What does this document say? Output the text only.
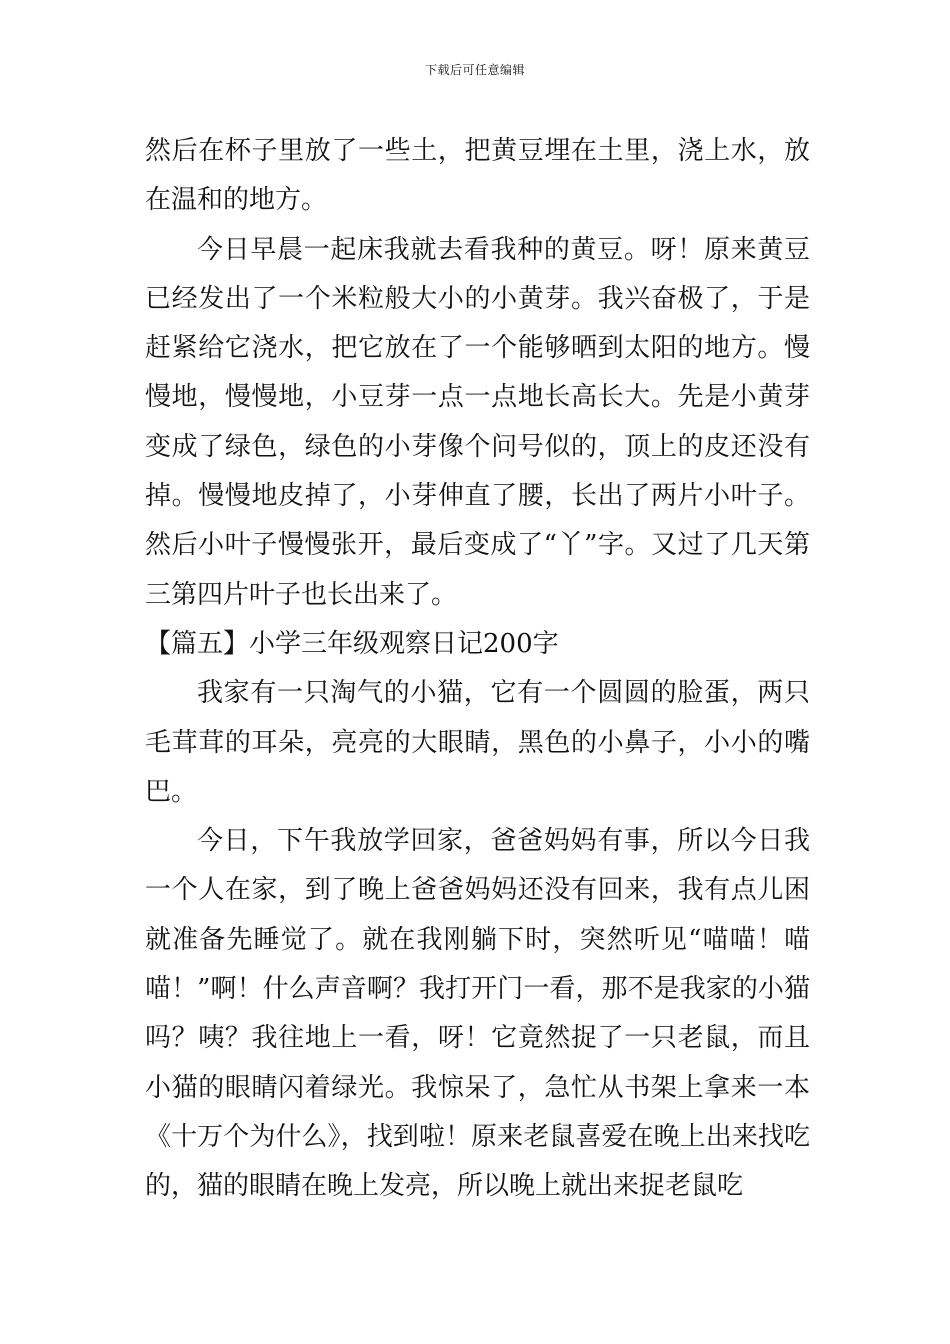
下载后可任意编辑

然后在杯子里放了一些土，把黄豆埋在土里，浇上水，放在温和的地方。

今日早晨一起床我就去看我种的黄豆。呀！原来黄豆已经发出了一个米粒般大小的小黄芽。我兴奋极了，于是赶紧给它浇水，把它放在了一个能够晒到太阳的地方。慢慢地，慢慢地，小豆芽一点一点地长高长大。先是小黄芽变成了绿色，绿色的小芽像个问号似的，顶上的皮还没有掉。慢慢地皮掉了，小芽伸直了腰，长出了两片小叶子。然后小叶子慢慢张开，最后变成了“丫”字。又过了几天第三第四片叶子也长出来了。

【篇五】小学三年级观察日记200字

我家有一只淘气的小猫，它有一个圆圆的脸蛋，两只毛茸茸的耳朵，亮亮的大眼睛，黑色的小鼻子，小小的嘴巴。

今日，下午我放学回家，爸爸妈妈有事，所以今日我一个人在家，到了晚上爸爸妈妈还没有回来，我有点儿困就准备先睡觉了。就在我刚躺下时，突然听见“喵喵！喵喵！”啊！什么声音啊？我打开门一看，那不是我家的小猫吗？咦？我往地上一看，呀！它竟然捉了一只老鼠，而且小猫的眼睛闪着绿光。我惊呆了，急忙从书架上拿来一本《十万个为什么》，找到啦！原来老鼠喜爱在晚上出来找吃的，猫的眼睛在晚上发亮，所以晚上就出来捉老鼠吃
